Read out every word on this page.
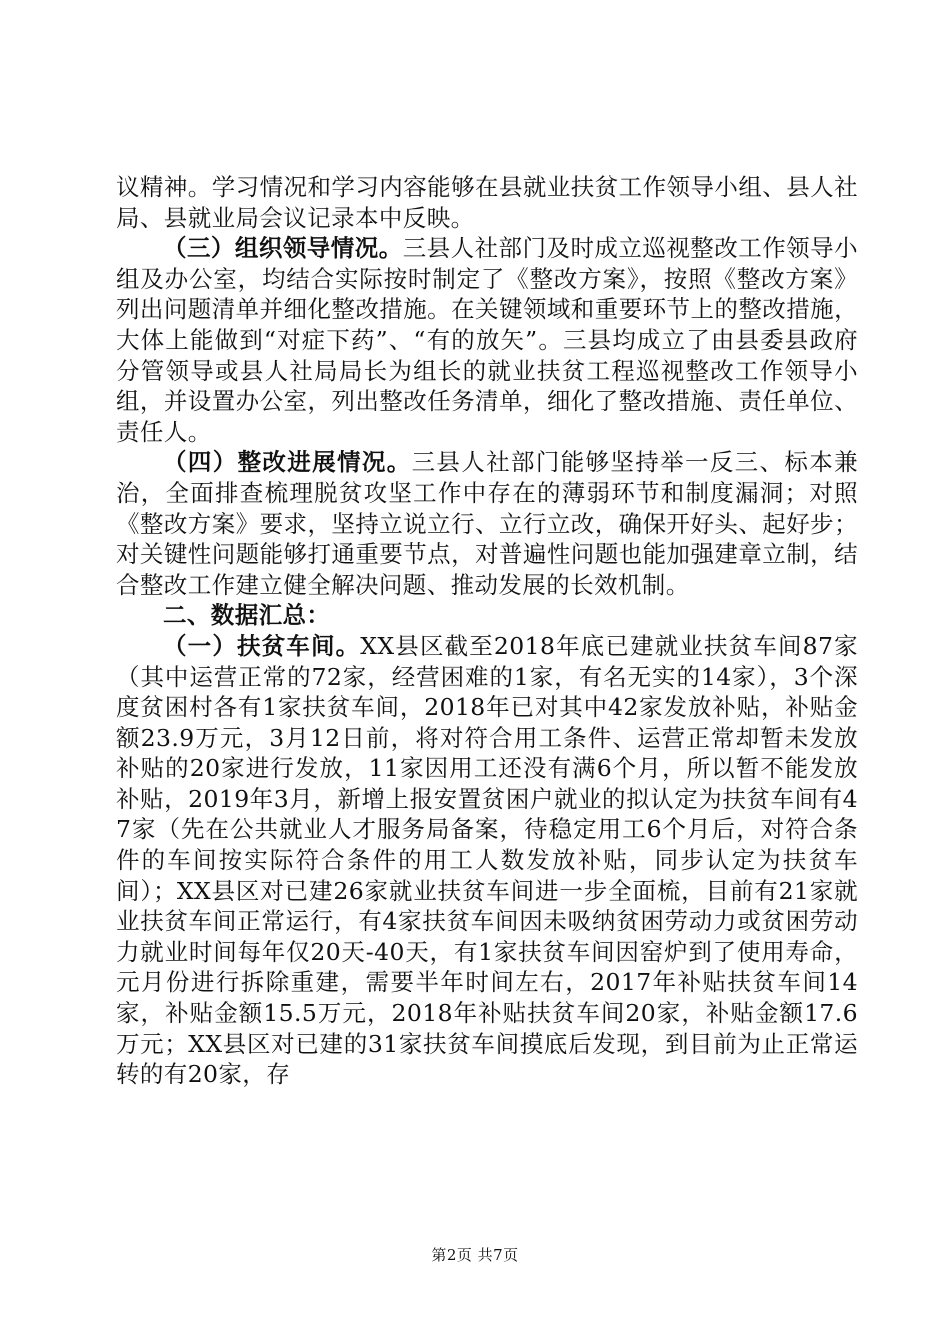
议精神。学习情况和学习内容能够在县就业扶贫工作领导小组、县人社局、县就业局会议记录本中反映。

（三）组织领导情况。三县人社部门及时成立巡视整改工作领导小组及办公室，均结合实际按时制定了《整改方案》，按照《整改方案》列出问题清单并细化整改措施。在关键领域和重要环节上的整改措施，大体上能做到“对症下药”、“有的放矢”。三县均成立了由县委县政府分管领导或县人社局局长为组长的就业扶贫工程巡视整改工作领导小组，并设置办公室，列出整改任务清单，细化了整改措施、责任单位、责任人。

（四）整改进展情况。三县人社部门能够坚持举一反三、标本兼治，全面排查梳理脱贫攻坚工作中存在的薄弱环节和制度漏洞；对照《整改方案》要求，坚持立说立行、立行立改，确保开好头、起好步；对关键性问题能够打通重要节点，对普遍性问题也能加强建章立制，结合整改工作建立健全解决问题、推动发展的长效机制。

二、数据汇总：

（一）扶贫车间。XX县区截至2018年底已建就业扶贫车间87家（其中运营正常的72家，经营困难的1家，有名无实的14家），3个深度贫困村各有1家扶贫车间，2018年已对其中42家发放补贴，补贴金额23.9万元，3月12日前，将对符合用工条件、运营正常却暂未发放补贴的20家进行发放，11家因用工还没有满6个月，所以暂不能发放补贴，2019年3月，新增上报安置贫困户就业的拟认定为扶贫车间有47家（先在公共就业人才服务局备案，待稳定用工6个月后，对符合条件的车间按实际符合条件的用工人数发放补贴，同步认定为扶贫车间）；XX县区对已建26家就业扶贫车间进一步全面梳，目前有21家就业扶贫车间正常运行，有4家扶贫车间因未吸纳贫困劳动力或贫困劳动力就业时间每年仅20天-40天，有1家扶贫车间因窑炉到了使用寿命，元月份进行拆除重建，需要半年时间左右，2017年补贴扶贫车间14家，补贴金额15.5万元，2018年补贴扶贫车间20家，补贴金额17.6万元；XX县区对已建的31家扶贫车间摸底后发现，到目前为止正常运转的有20家，存

第2页 共7页
